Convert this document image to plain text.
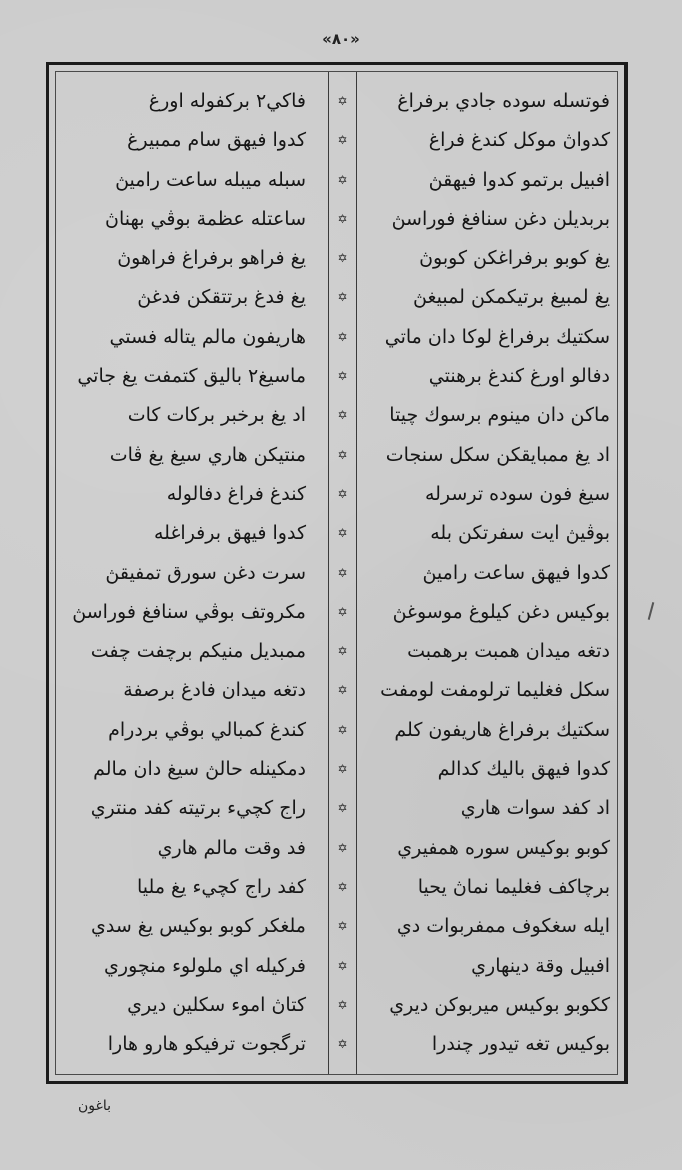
«٨٠»
فوتسله سوده جادي برفراغ
✡
فاكي٢ بركفوله اورغ
كدواڽ موكل كندغ فراغ
✡
كدوا فيهق سام ممبيرغ
افبيل برتمو كدوا فيهقڽ
✡
سبله ميبله ساعت راميڽ
بربديلن دغن سنافغ فوراسڽ
✡
ساعتله عظمة بوڤي بهناڽ
يغ كوبو برفراغكن كوبوڽ
✡
يغ فراهو برفراغ فراهوڽ
يغ لمبيغ برتيكمكن لمبيغڽ
✡
يغ فدغ برتتقكن فدغڽ
سكتيك برفراغ لوكا دان ماتي
✡
هاريفون مالم يتاله فستي
دفالو اورغ كندغ برهنتي
✡
ماسيغ٢ باليق كتمفت يغ جاتي
ماكن دان مينوم برسوك چيتا
✡
اد يغ برخبر بركات كات
اد يغ ممبايقكن سكل سنجات
✡
منتيكن هاري سيغ يغ ڤات
سيغ فون سوده ترسرله
✡
كندغ فراغ دفالوله
بوڤيڽ ايت سفرتكن بله
✡
كدوا فيهق برفراغله
كدوا فيهق ساعت راميڽ
✡
سرت دغن سورق تمفيقڽ
بوكيس دغن كيلوغ موسوغڽ
✡
مكروتف بوڤي سنافغ فوراسڽ
دتغه ميدان همبت برهمبت
✡
ممبديل منيكم برچفت چفت
سكل فغليما ترلومفت لومفت
✡
دتغه ميدان فادغ برصفة
سكتيك برفراغ هاريفون كلم
✡
كندغ كمبالي بوڤي بردرام
كدوا فيهق باليك كدالم
✡
دمكينله حالڽ سيغ دان مالم
اد كفد سوات هاري
✡
راج كچيء برتيته كفد منتري
كوبو بوكيس سوره همفيري
✡
فد وقت مالم هاري
برچاكف فغليما نماڽ يحيا
✡
كفد راج كچيء يغ مليا
ايله سغكوف ممفربوات دي
✡
ملغكر كوبو بوكيس يغ سدي
افبيل وقة دينهاري
✡
فركيله اي ملولوء منچوري
ككوبو بوكيس ميربوكن ديري
✡
كتاڽ اموء سكلين ديري
بوكيس تغه تيدور چندرا
✡
ترگجوت ترفيكو هارو هارا
باغون
